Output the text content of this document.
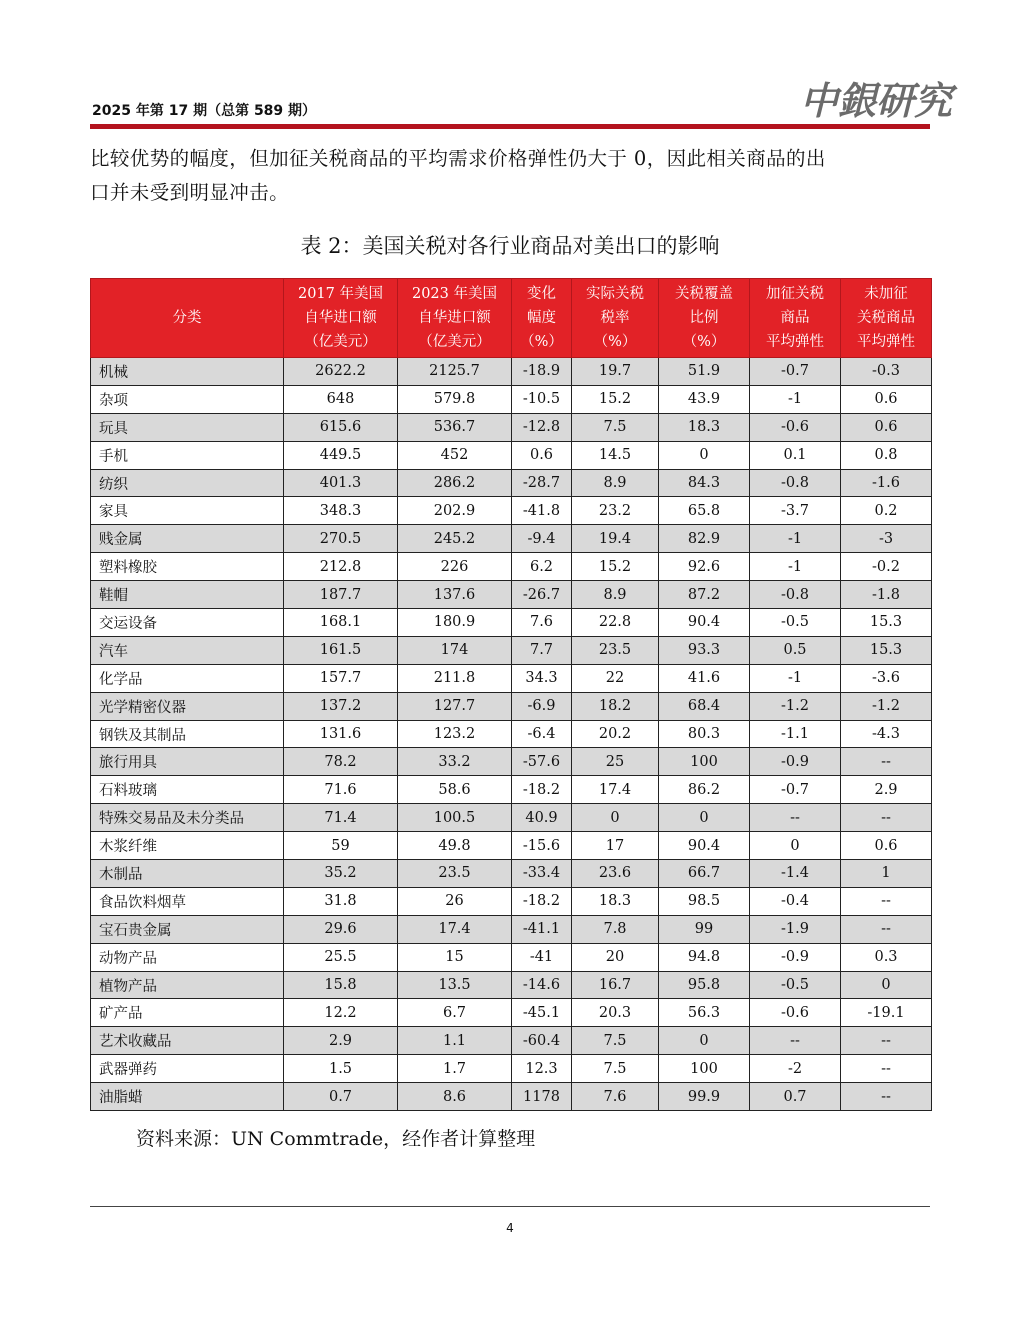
2025 年第 17 期（总第 589 期）	中銀研究
比较优势的幅度，但加征关税商品的平均需求价格弹性仍大于 0，因此相关商品的出
口并未受到明显冲击。
表 2：美国关税对各行业商品对美出口的影响
分类	2017 年美国
自华进口额
（亿美元）	2023 年美国
自华进口额
（亿美元）	变化
幅度
（%）	实际关税
税率
（%）	关税覆盖
比例
（%）	加征关税
商品
平均弹性	未加征
关税商品
平均弹性

机械	2622.2	2125.7	-18.9	19.7	51.9	-0.7	-0.3
杂项	648	579.8	-10.5	15.2	43.9	-1	0.6
玩具	615.6	536.7	-12.8	7.5	18.3	-0.6	0.6
手机	449.5	452	0.6	14.5	0	0.1	0.8
纺织	401.3	286.2	-28.7	8.9	84.3	-0.8	-1.6
家具	348.3	202.9	-41.8	23.2	65.8	-3.7	0.2
贱金属	270.5	245.2	-9.4	19.4	82.9	-1	-3
塑料橡胶	212.8	226	6.2	15.2	92.6	-1	-0.2
鞋帽	187.7	137.6	-26.7	8.9	87.2	-0.8	-1.8
交运设备	168.1	180.9	7.6	22.8	90.4	-0.5	15.3
汽车	161.5	174	7.7	23.5	93.3	0.5	15.3
化学品	157.7	211.8	34.3	22	41.6	-1	-3.6
光学精密仪器	137.2	127.7	-6.9	18.2	68.4	-1.2	-1.2
钢铁及其制品	131.6	123.2	-6.4	20.2	80.3	-1.1	-4.3
旅行用具	78.2	33.2	-57.6	25	100	-0.9	--
石料玻璃	71.6	58.6	-18.2	17.4	86.2	-0.7	2.9
特殊交易品及未分类品	71.4	100.5	40.9	0	0	--	--
木浆纤维	59	49.8	-15.6	17	90.4	0	0.6
木制品	35.2	23.5	-33.4	23.6	66.7	-1.4	1
食品饮料烟草	31.8	26	-18.2	18.3	98.5	-0.4	--
宝石贵金属	29.6	17.4	-41.1	7.8	99	-1.9	--
动物产品	25.5	15	-41	20	94.8	-0.9	0.3
植物产品	15.8	13.5	-14.6	16.7	95.8	-0.5	0
矿产品	12.2	6.7	-45.1	20.3	56.3	-0.6	-19.1
艺术收藏品	2.9	1.1	-60.4	7.5	0	--	--
武器弹药	1.5	1.7	12.3	7.5	100	-2	--
油脂蜡	0.7	8.6	1178	7.6	99.9	0.7	--
资料来源：UN Commtrade，经作者计算整理
4
